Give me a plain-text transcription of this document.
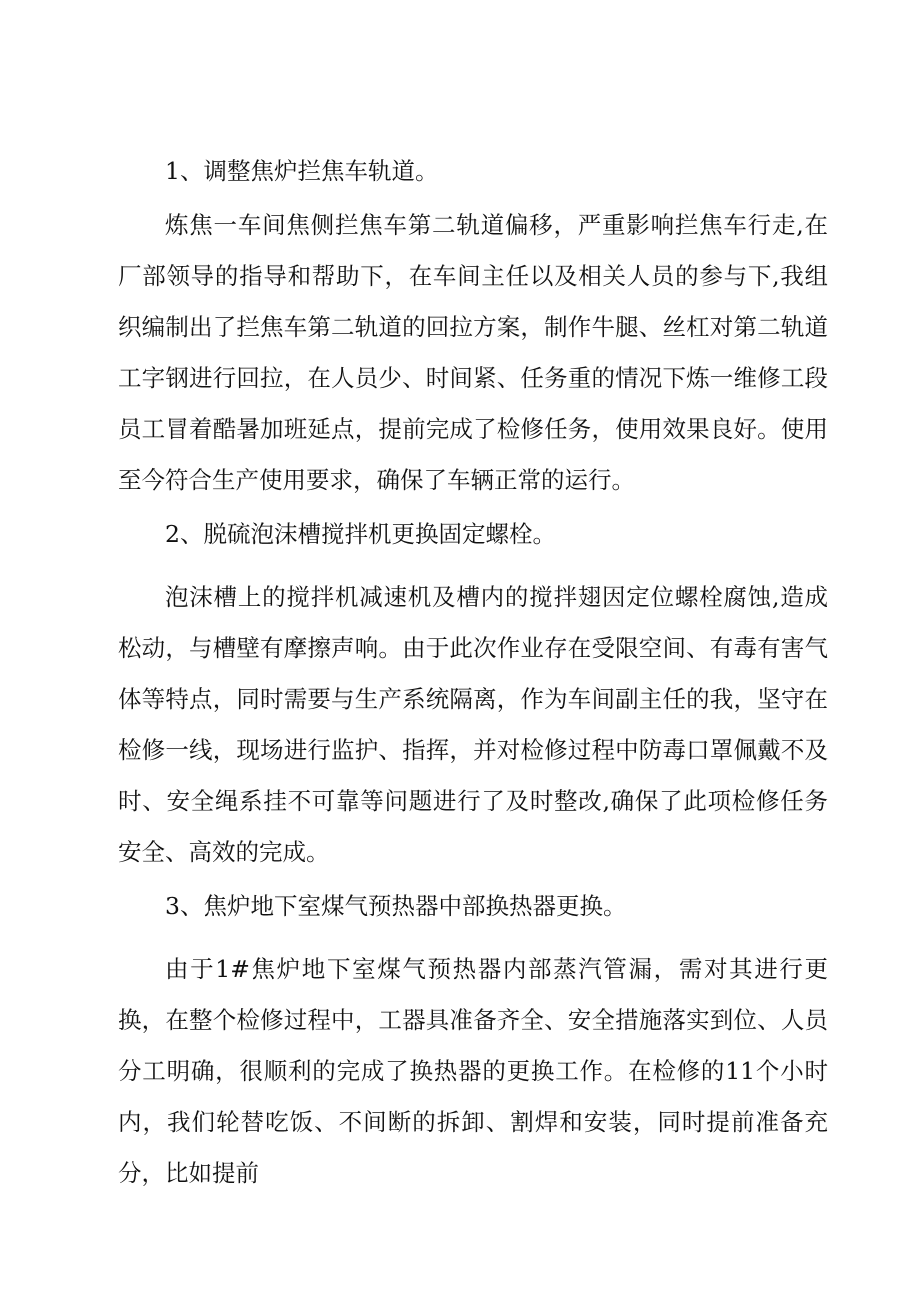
1、调整焦炉拦焦车轨道。

炼焦一车间焦侧拦焦车第二轨道偏移，严重影响拦焦车行走,在厂部领导的指导和帮助下，在车间主任以及相关人员的参与下,我组织编制出了拦焦车第二轨道的回拉方案，制作牛腿、丝杠对第二轨道工字钢进行回拉，在人员少、时间紧、任务重的情况下炼一维修工段员工冒着酷暑加班延点，提前完成了检修任务，使用效果良好。使用至今符合生产使用要求，确保了车辆正常的运行。

2、脱硫泡沫槽搅拌机更换固定螺栓。

泡沫槽上的搅拌机减速机及槽内的搅拌翅因定位螺栓腐蚀,造成松动，与槽壁有摩擦声响。由于此次作业存在受限空间、有毒有害气体等特点，同时需要与生产系统隔离，作为车间副主任的我，坚守在检修一线，现场进行监护、指挥，并对检修过程中防毒口罩佩戴不及时、安全绳系挂不可靠等问题进行了及时整改,确保了此项检修任务安全、高效的完成。

3、焦炉地下室煤气预热器中部换热器更换。

由于1#焦炉地下室煤气预热器内部蒸汽管漏，需对其进行更换，在整个检修过程中，工器具准备齐全、安全措施落实到位、人员分工明确，很顺利的完成了换热器的更换工作。在检修的11个小时内，我们轮替吃饭、不间断的拆卸、割焊和安装，同时提前准备充分，比如提前
